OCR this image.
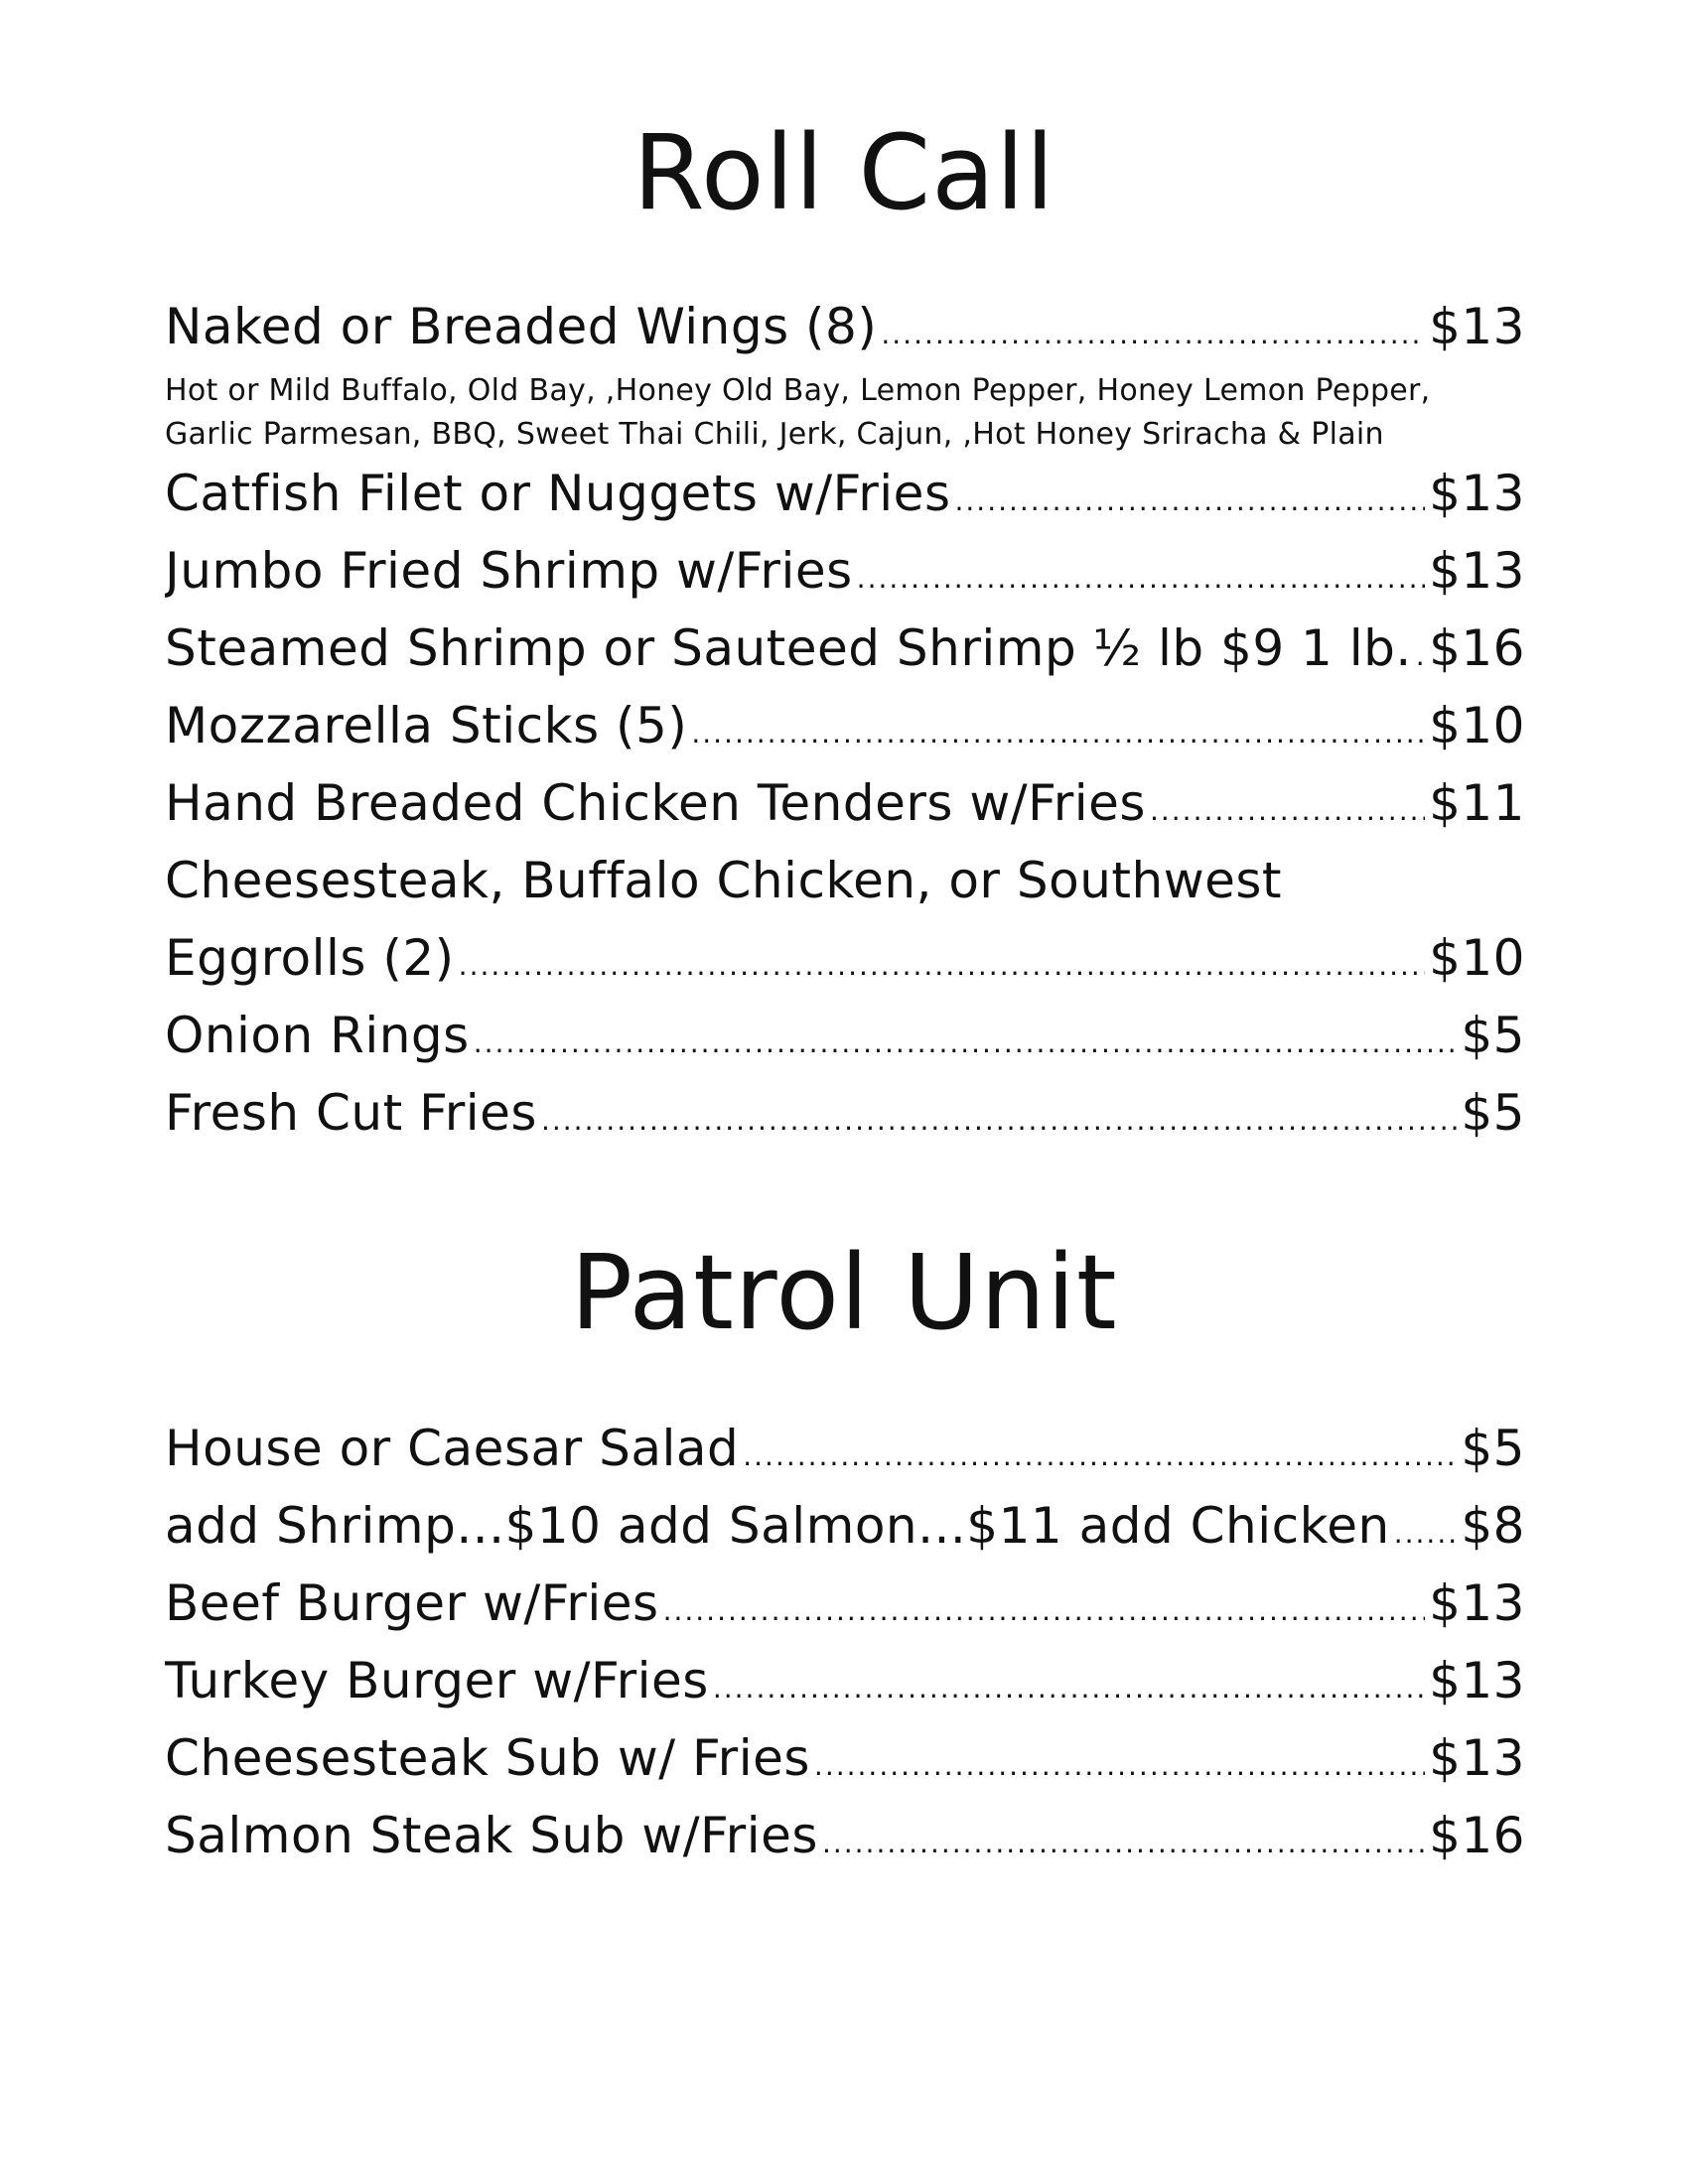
Roll Call
Naked or Breaded Wings (8) .....	$13
Hot or Mild Buffalo, Old Bay, ,Honey Old Bay, Lemon Pepper, Honey Lemon Pepper,
Garlic Parmesan, BBQ, Sweet Thai Chili, Jerk, Cajun, ,Hot Honey Sriracha & Plain
Catfish Filet or Nuggets w/Fries .....	$13
Jumbo Fried Shrimp w/Fries .....	$13
Steamed Shrimp or Sauteed Shrimp ½ lb $9 1 lb. ..... $16
Mozzarella Sticks (5) .....	$10
Hand Breaded Chicken Tenders w/Fries .....	$11
Cheesesteak, Buffalo Chicken, or Southwest
Eggrolls (2) .....	$10
Onion Rings .....	$5
Fresh Cut Fries .....	$5
Patrol Unit
House or Caesar Salad .....	$5
add Shrimp...$10 add Salmon...$11 add Chicken ..... $8
Beef Burger w/Fries .....	$13
Turkey Burger w/Fries .....	$13
Cheesesteak Sub w/ Fries .....	$13
Salmon Steak Sub w/Fries .....	$16
